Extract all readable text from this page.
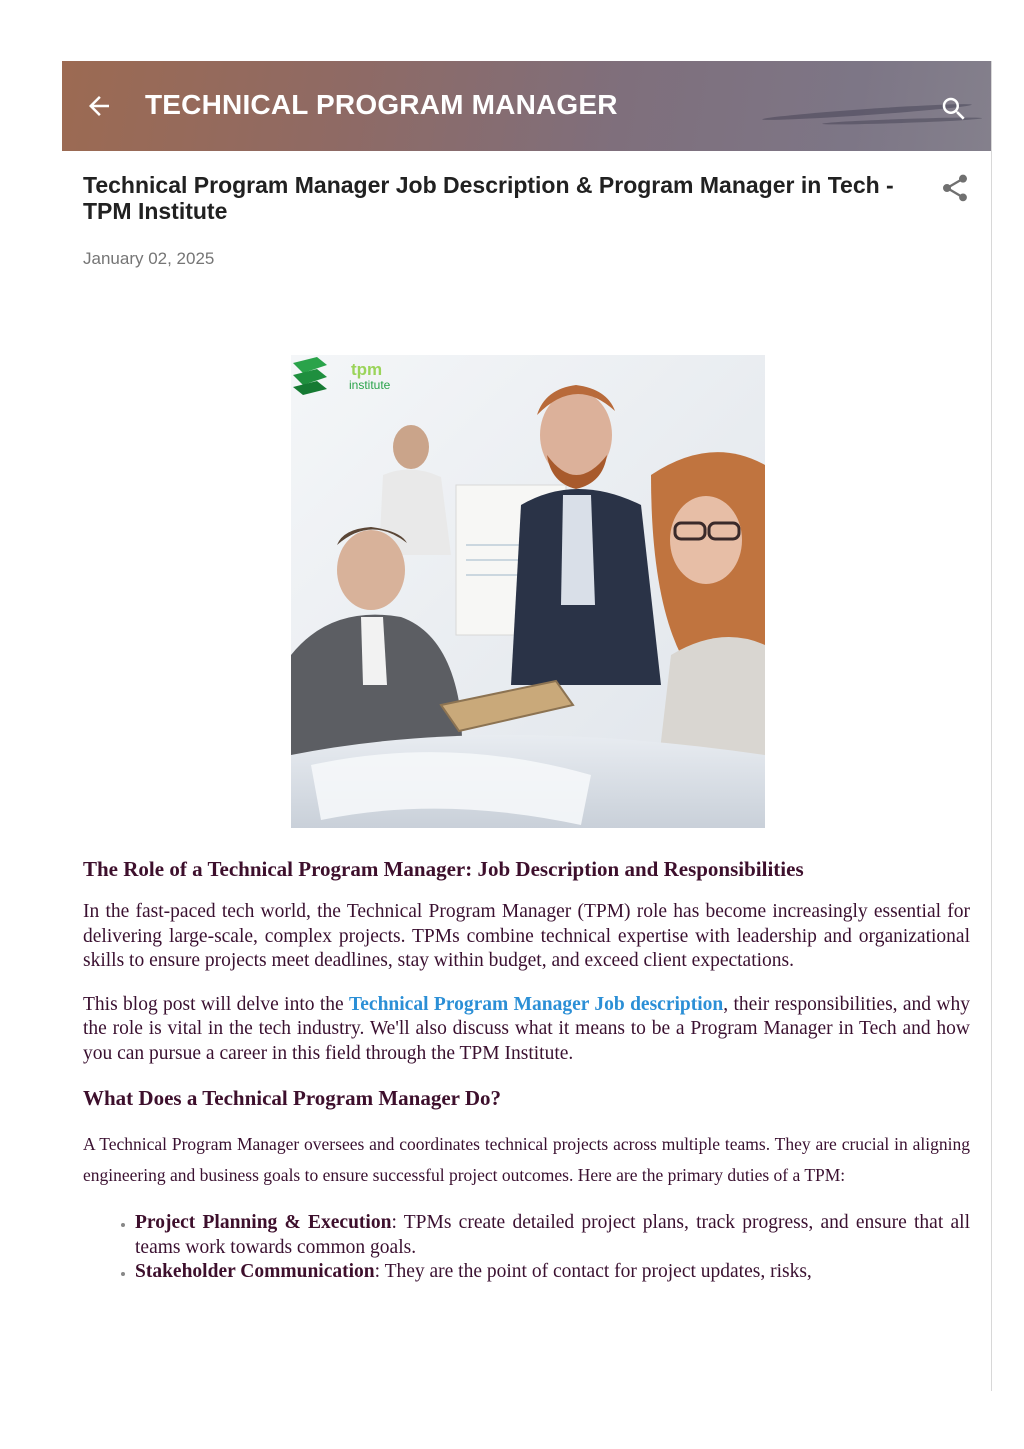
TECHNICAL PROGRAM MANAGER
Technical Program Manager Job Description & Program Manager in Tech - TPM Institute
January 02, 2025
tpm
institute
The Role of a Technical Program Manager: Job Description and Responsibilities

In the fast-paced tech world, the Technical Program Manager (TPM) role has become increasingly essential for delivering large-scale, complex projects. TPMs combine technical expertise with leadership and organizational skills to ensure projects meet deadlines, stay within budget, and exceed client expectations.

This blog post will delve into the Technical Program Manager Job description, their responsibilities, and why the role is vital in the tech industry. We'll also discuss what it means to be a Program Manager in Tech and how you can pursue a career in this field through the TPM Institute.

What Does a Technical Program Manager Do?

A Technical Program Manager oversees and coordinates technical projects across multiple teams. They are crucial in aligning engineering and business goals to ensure successful project outcomes. Here are the primary duties of a TPM:

• Project Planning & Execution: TPMs create detailed project plans, track progress, and ensure that all teams work towards common goals.
• Stakeholder Communication: They are the point of contact for project updates, risks,
